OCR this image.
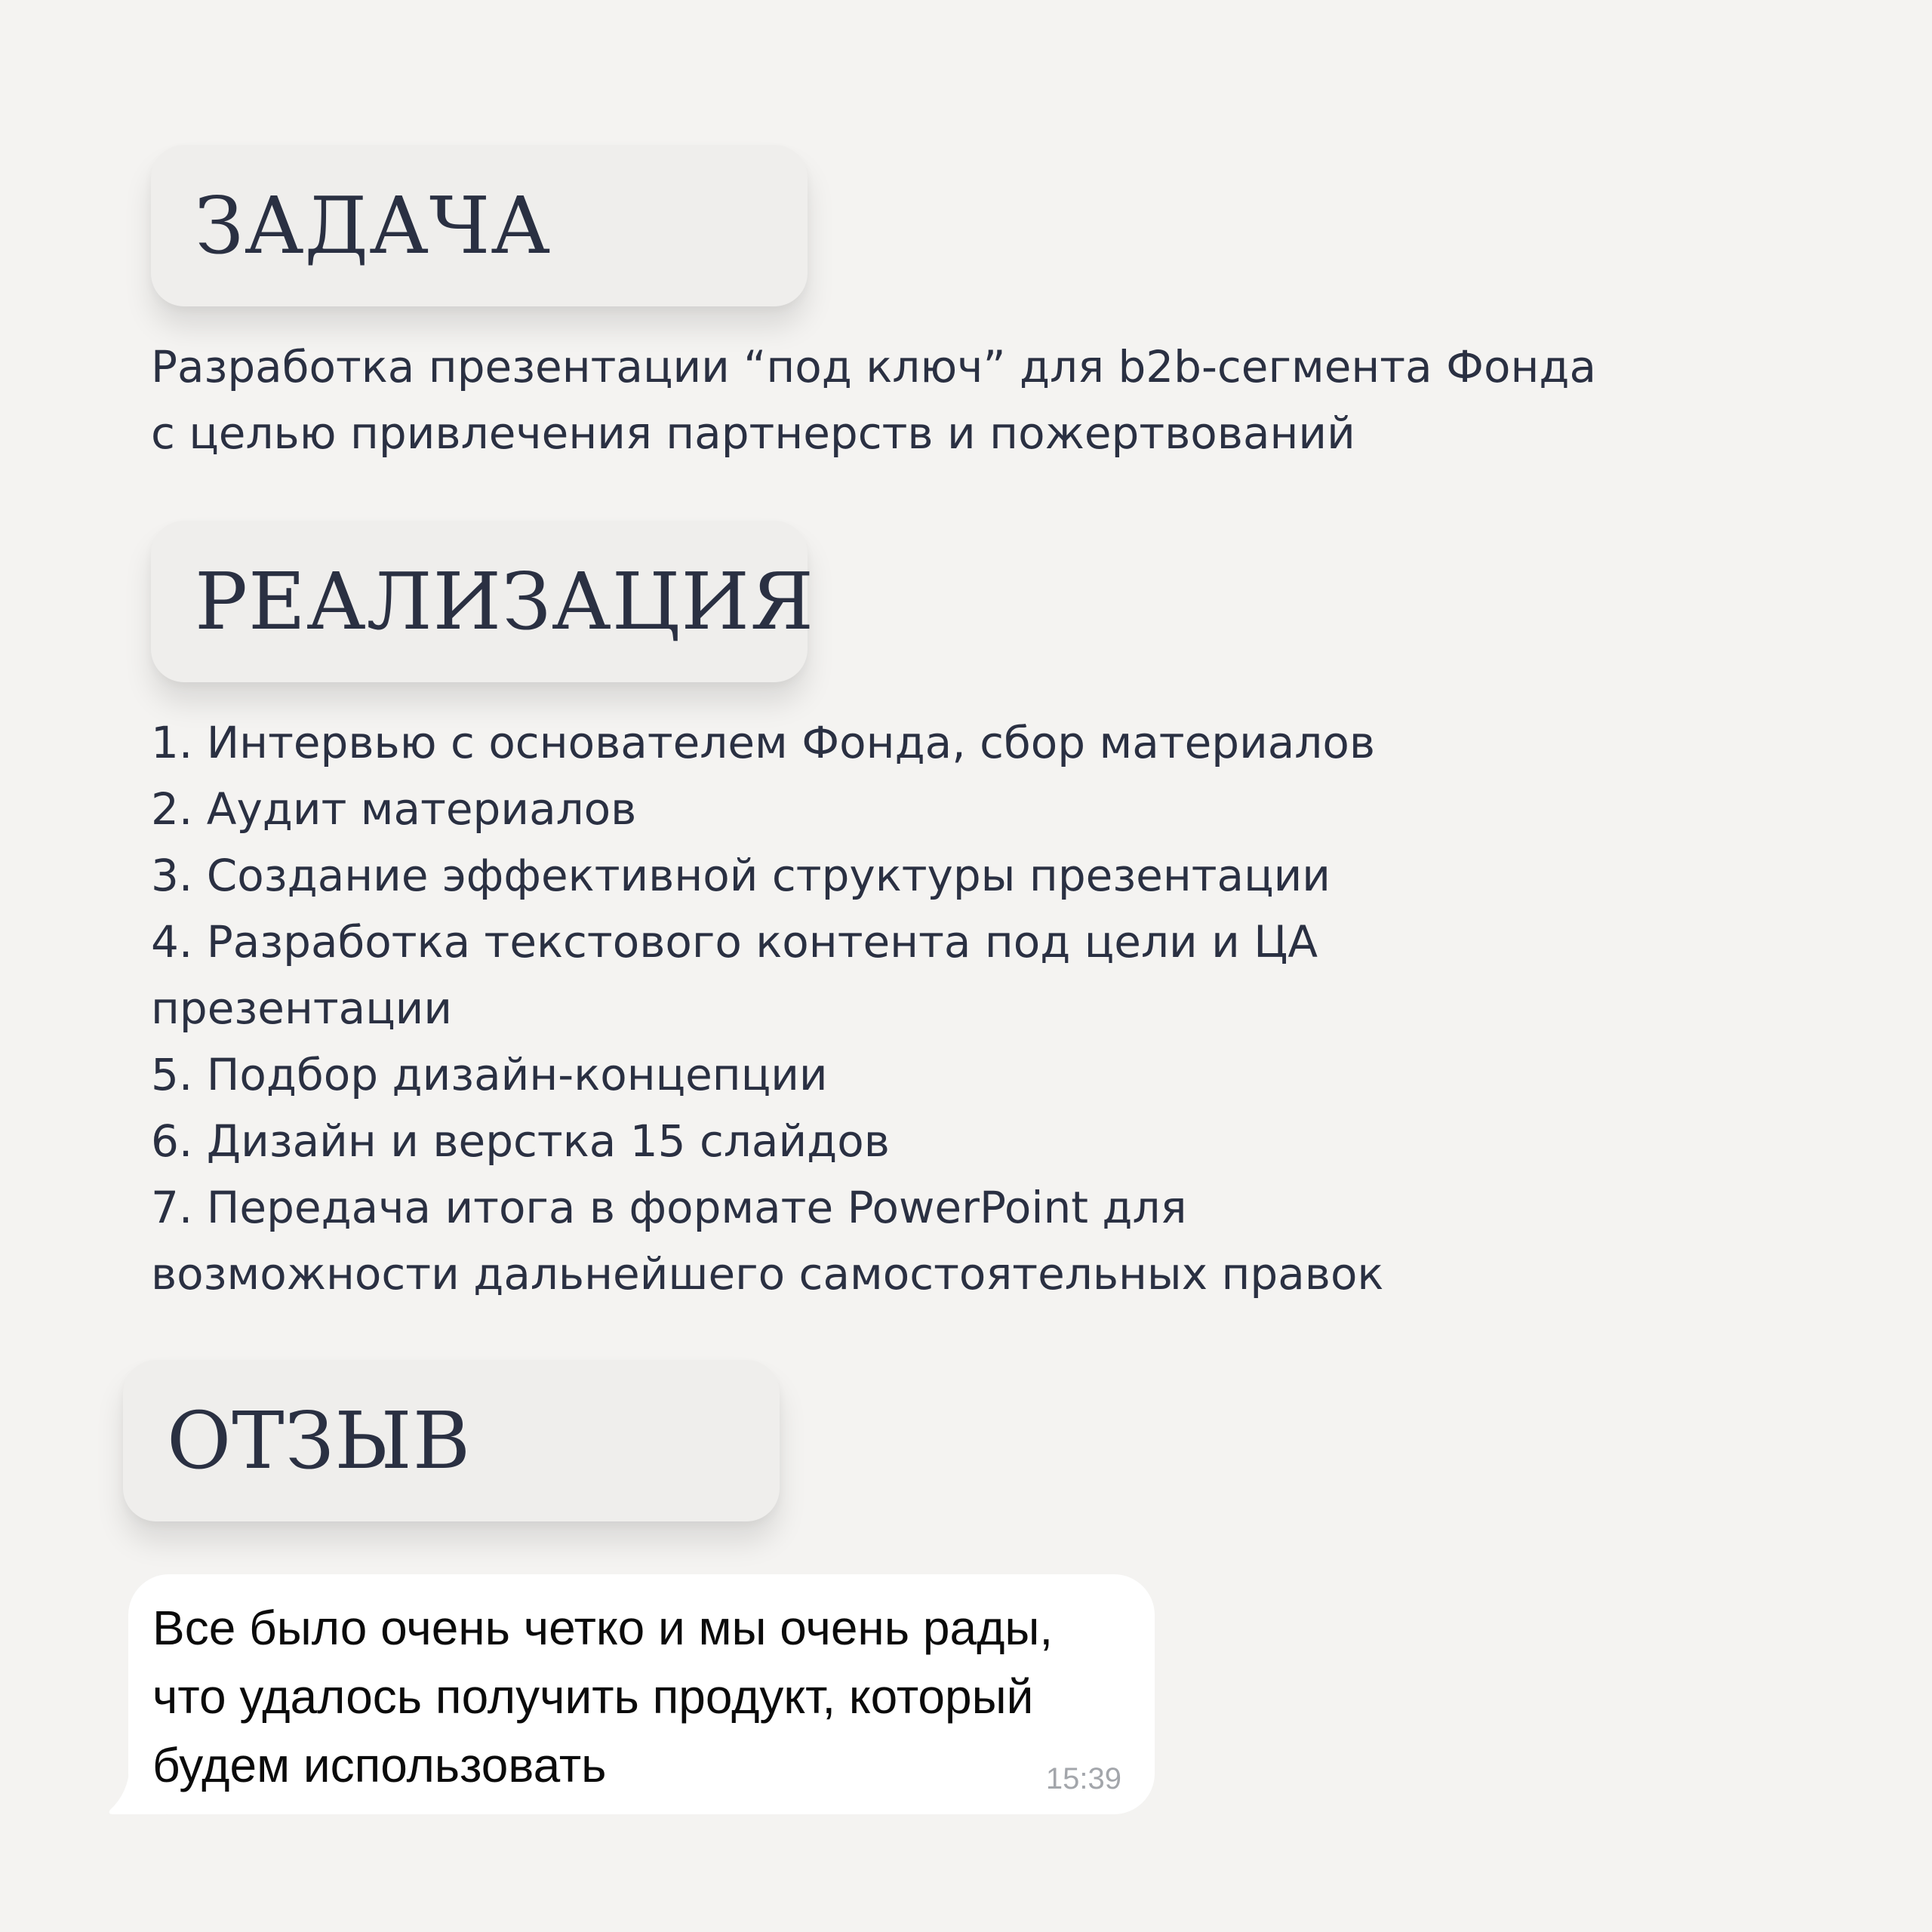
ЗАДАЧА
Разработка презентации “под ключ” для b2b-сегмента Фонда
с целью привлечения партнерств и пожертвований
РЕАЛИЗАЦИЯ
1. Интервью с основателем Фонда, сбор материалов
2. Аудит материалов
3. Создание эффективной структуры презентации
4. Разработка текстового контента под цели и ЦА
презентации
5. Подбор дизайн-концепции
6. Дизайн и верстка 15 слайдов
7. Передача итога в формате PowerPoint для
возможности дальнейшего самостоятельных правок
ОТЗЫВ
Все было очень четко и мы очень рады,
что удалось получить продукт, который
будем использовать	15:39
